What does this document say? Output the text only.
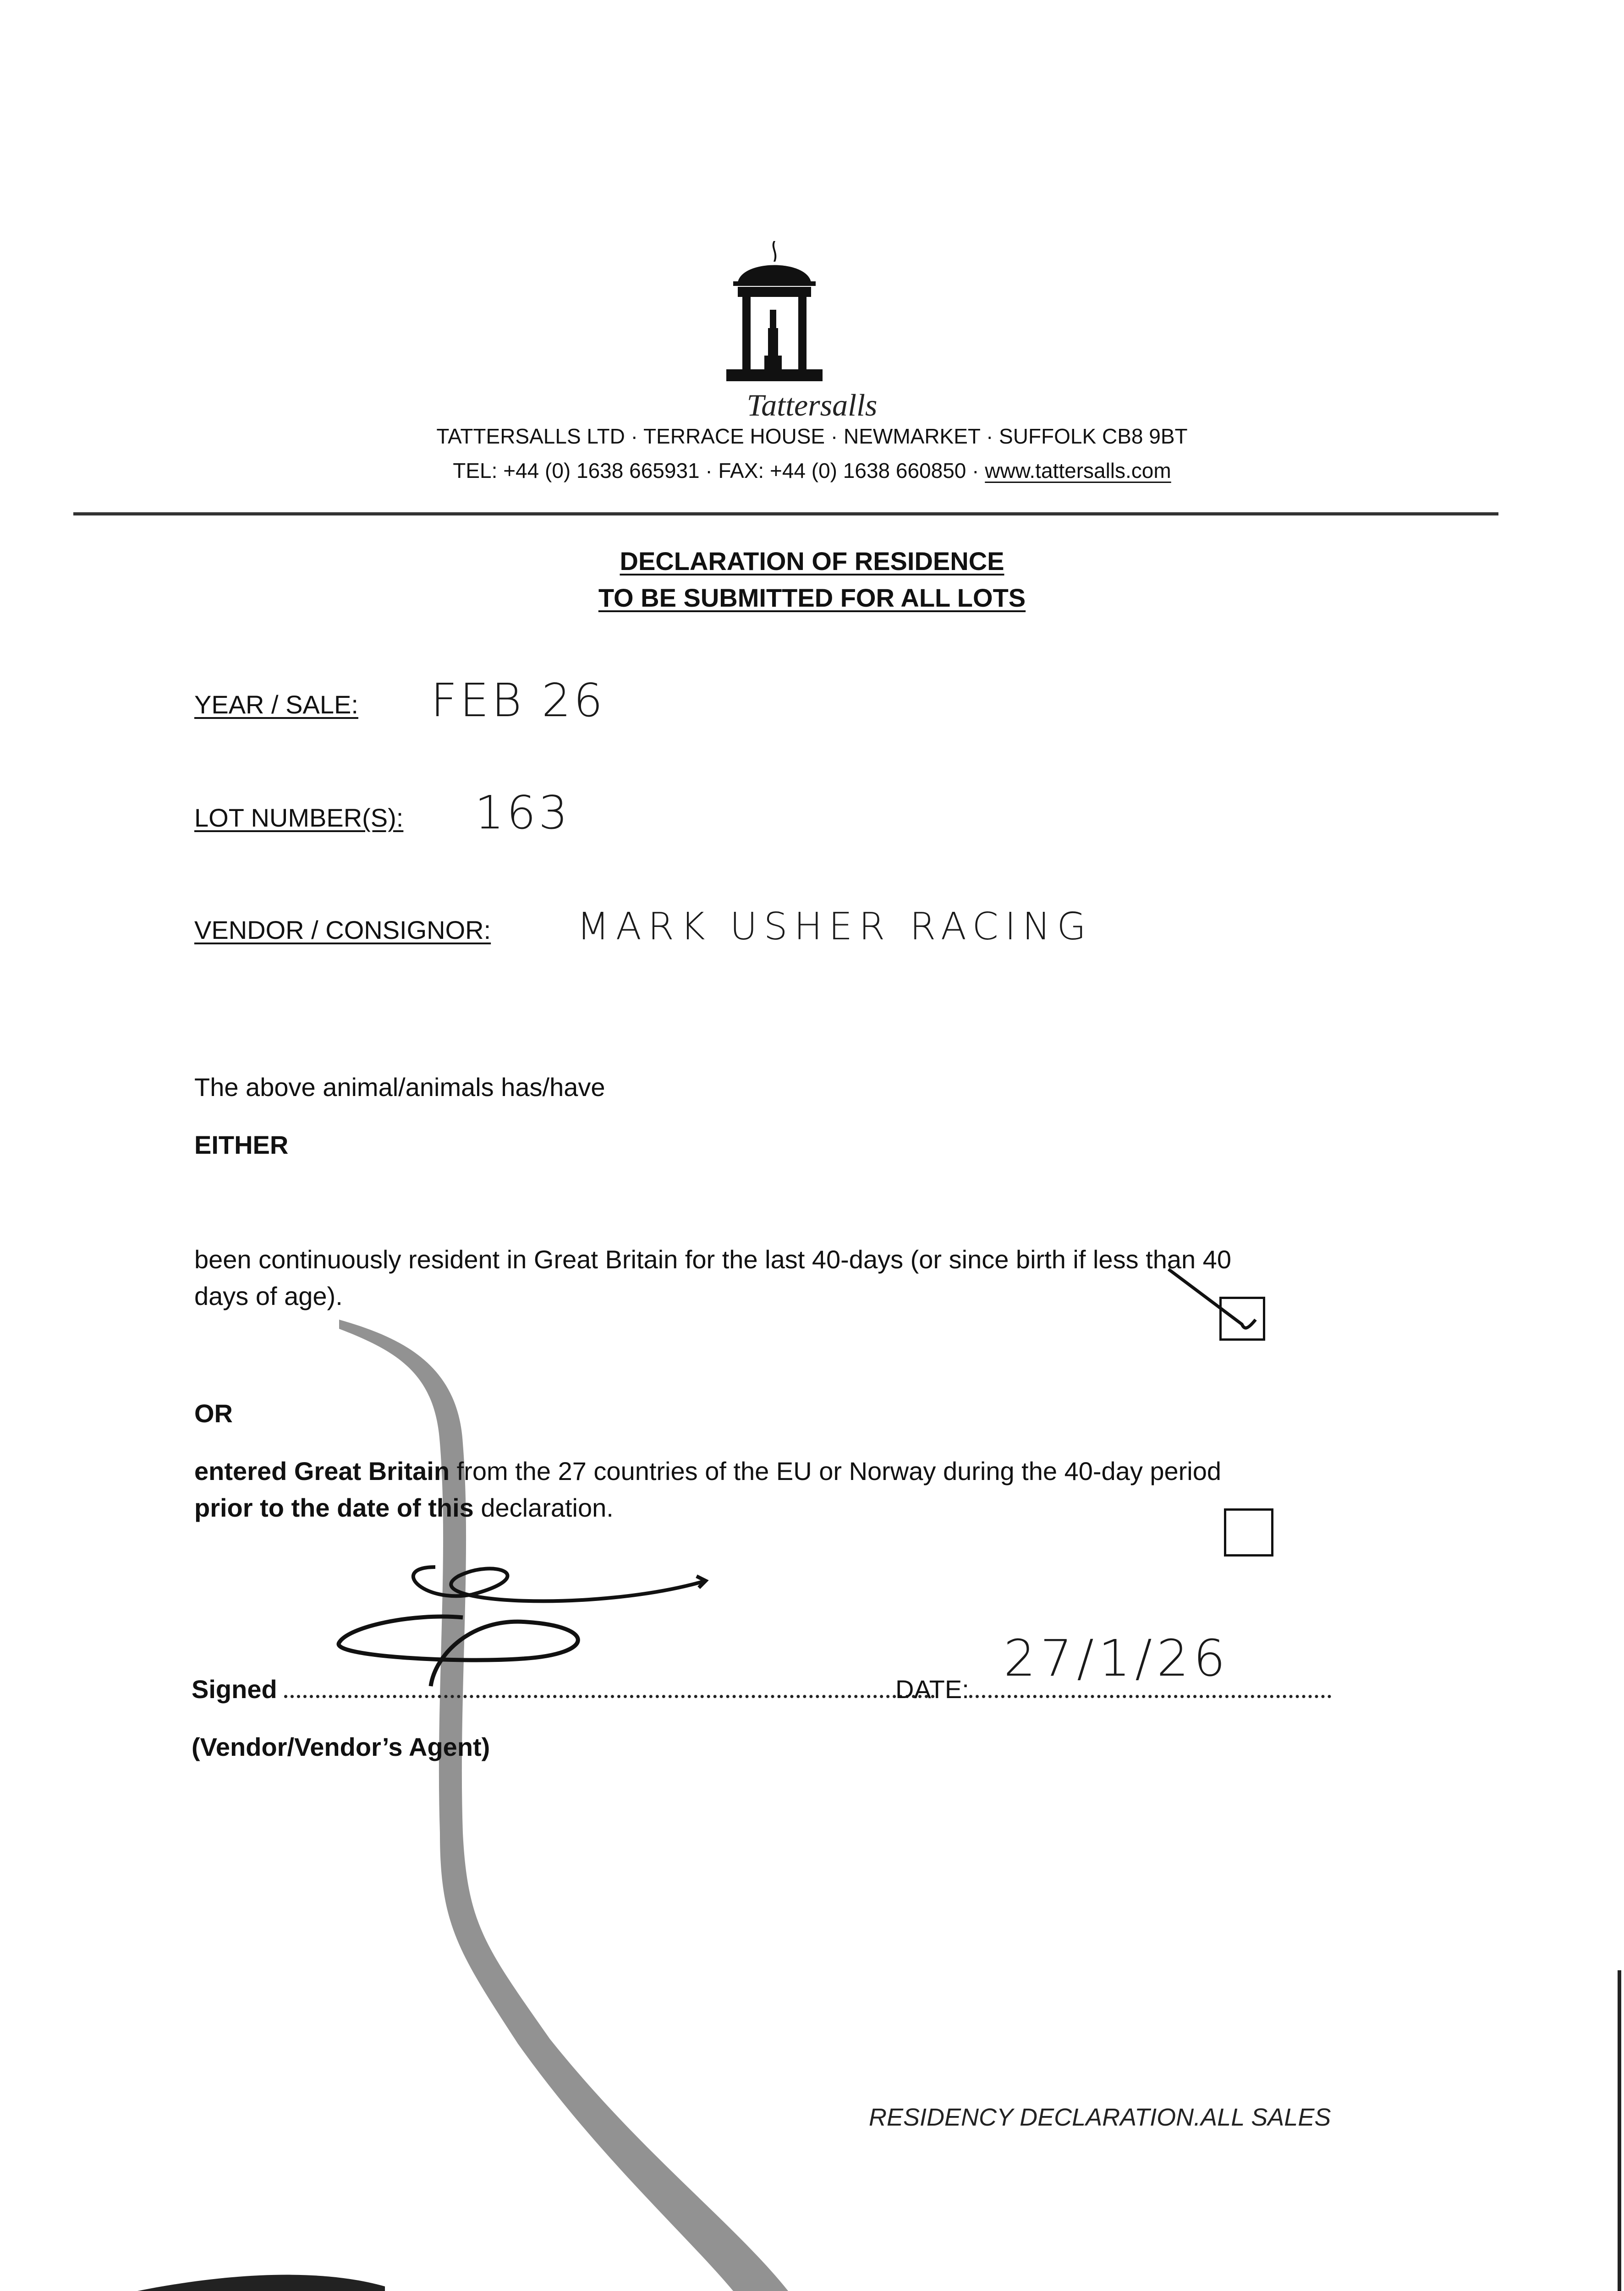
Tattersalls
TATTERSALLS LTD · TERRACE HOUSE · NEWMARKET · SUFFOLK CB8 9BT
TEL: +44 (0) 1638 665931 · FAX: +44 (0) 1638 660850 · www.tattersalls.com
DECLARATION OF RESIDENCE
TO BE SUBMITTED FOR ALL LOTS
YEAR / SALE: FEB 26
LOT NUMBER(S): 163
VENDOR / CONSIGNOR: MARK USHER RACING
The above animal/animals has/have
EITHER
been continuously resident in Great Britain for the last 40-days (or since birth if less than 40
days of age).
OR
entered Great Britain from the 27 countries of the EU or Norway during the 40-day period
prior to the date of this declaration.
Signed	DATE:
27/1/26
(Vendor/Vendor’s Agent)
RESIDENCY DECLARATION.ALL SALES
